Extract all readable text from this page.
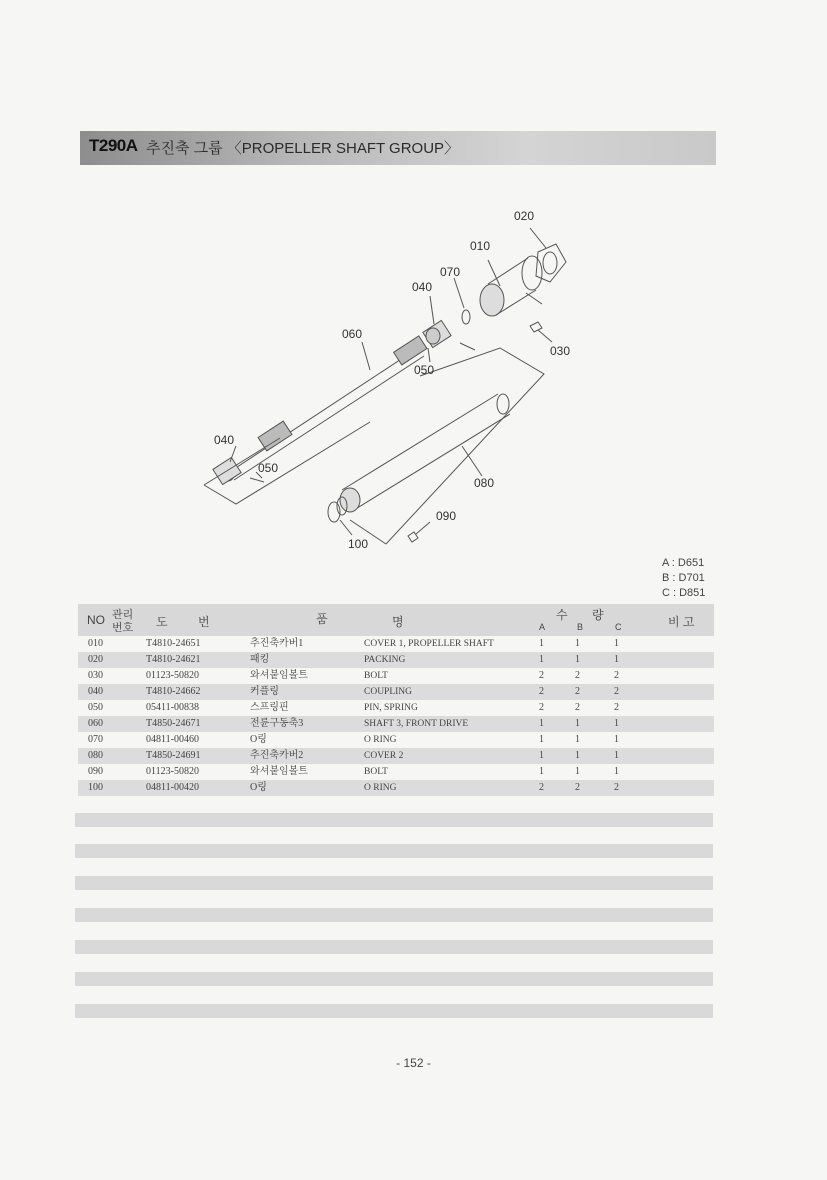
T290A 추진축 그룹 〈PROPELLER SHAFT GROUP〉
020
010
070
040
060
030
050
040
050
080
090
100
A : D651
B : D701
C : D851
NO 관리
번호 도	번	품	명	수 량
A	B	C	비 고
010	T4810-24651	추진축카버1	COVER 1, PROPELLER SHAFT	1	1	1
020	T4810-24621	패킹	PACKING	1	1	1
030	01123-50820	와셔붙임볼트	BOLT	2	2	2
040	T4810-24662	커플링	COUPLING	2	2	2
050	05411-00838	스프링핀	PIN, SPRING	2	2	2
060	T4850-24671	전륜구동축3	SHAFT 3, FRONT DRIVE	1	1	1
070	04811-00460	O링	O RING	1	1	1
080	T4850-24691	추진축카버2	COVER 2	1	1	1
090	01123-50820	와셔붙임볼트	BOLT	1	1	1
100	04811-00420	O링	O RING	2	2	2
- 152 -
